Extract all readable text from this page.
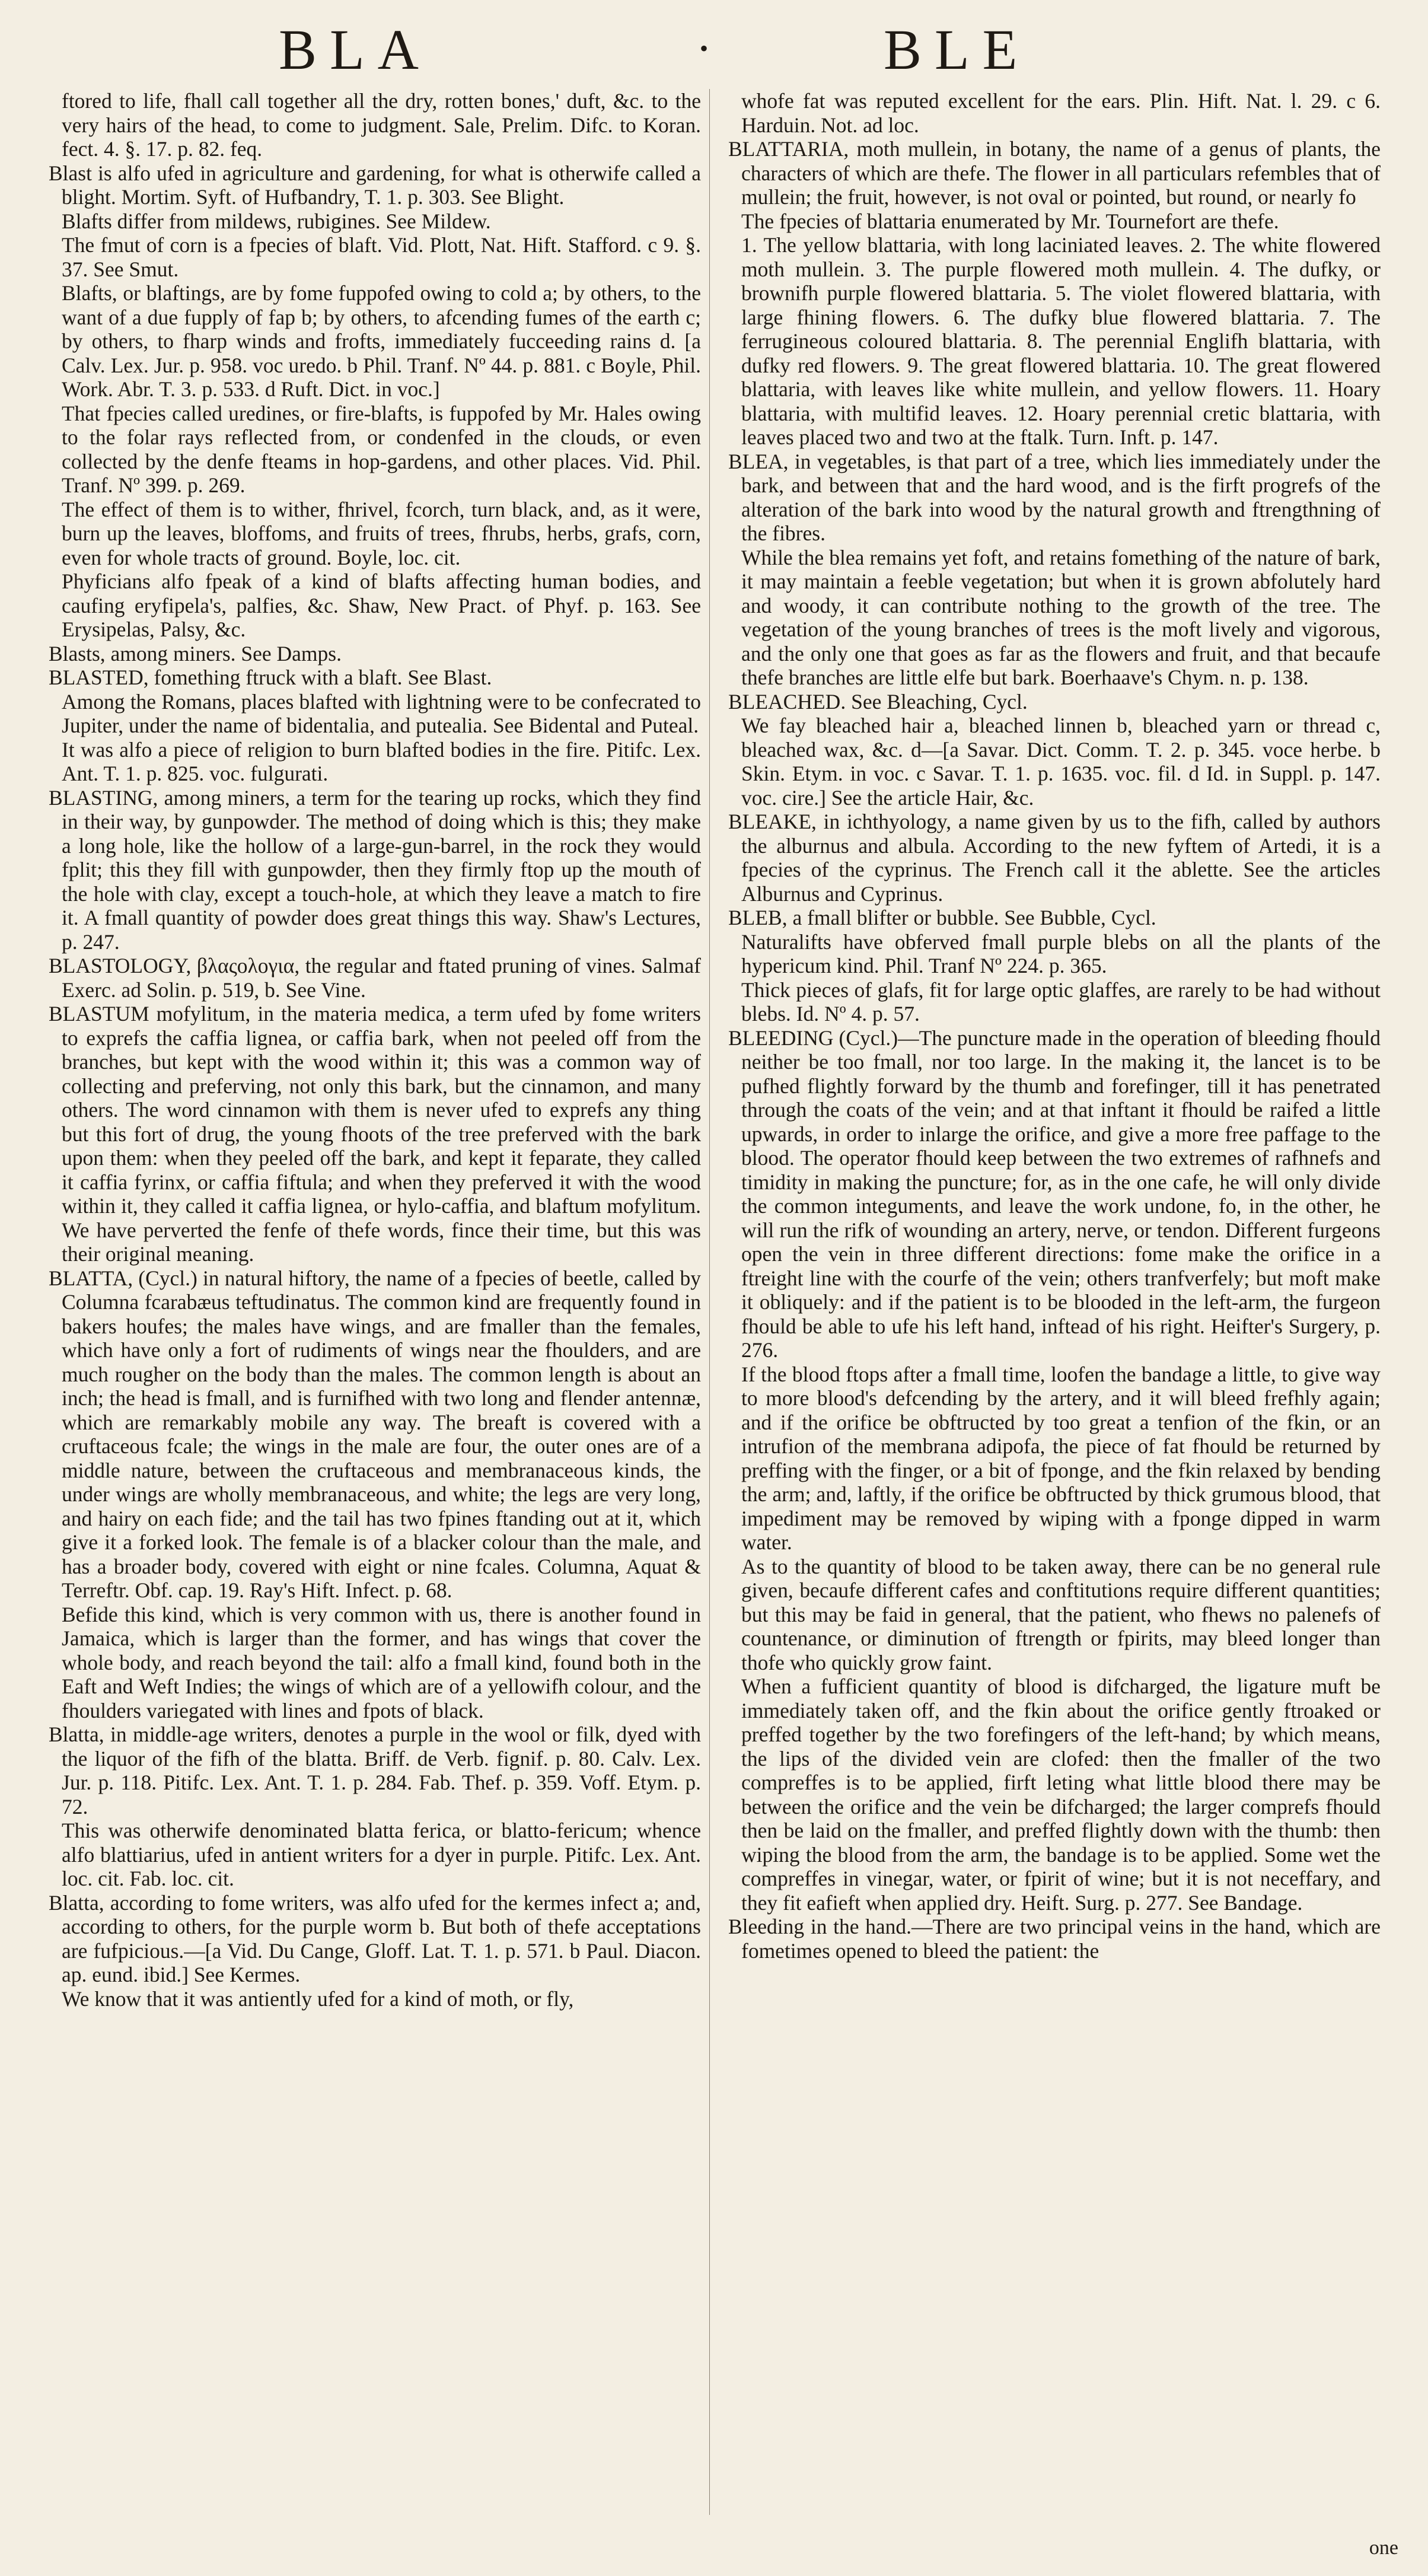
BLA	•	BLE

ftored to life, fhall call together all the dry, rotten bones,' duft, &c. to the very hairs of the head, to come to judgment. Sale, Prelim. Difc. to Koran. fect. 4. §. 17. p. 82. feq.

Blast is alfo ufed in agriculture and gardening, for what is otherwife called a blight. Mortim. Syft. of Hufbandry, T. 1. p. 303. See Blight.

Blafts differ from mildews, rubigines. See Mildew.

The fmut of corn is a fpecies of blaft. Vid. Plott, Nat. Hift. Stafford. c 9. §. 37. See Smut.

Blafts, or blaftings, are by fome fuppofed owing to cold a; by others, to the want of a due fupply of fap b; by others, to afcending fumes of the earth c; by others, to fharp winds and frofts, immediately fucceeding rains d. [a Calv. Lex. Jur. p. 958. voc uredo. b Phil. Tranf. Nº 44. p. 881. c Boyle, Phil. Work. Abr. T. 3. p. 533. d Ruft. Dict. in voc.]

That fpecies called uredines, or fire-blafts, is fuppofed by Mr. Hales owing to the folar rays reflected from, or condenfed in the clouds, or even collected by the denfe fteams in hop-gardens, and other places. Vid. Phil. Tranf. Nº 399. p. 269.

The effect of them is to wither, fhrivel, fcorch, turn black, and, as it were, burn up the leaves, bloffoms, and fruits of trees, fhrubs, herbs, grafs, corn, even for whole tracts of ground. Boyle, loc. cit.

Phyficians alfo fpeak of a kind of blafts affecting human bodies, and caufing eryfipela's, palfies, &c. Shaw, New Pract. of Phyf. p. 163. See Erysipelas, Palsy, &c.

Blasts, among miners. See Damps.

BLASTED, fomething ftruck with a blaft. See Blast.

Among the Romans, places blafted with lightning were to be confecrated to Jupiter, under the name of bidentalia, and putealia. See Bidental and Puteal.

It was alfo a piece of religion to burn blafted bodies in the fire. Pitifc. Lex. Ant. T. 1. p. 825. voc. fulgurati.

BLASTING, among miners, a term for the tearing up rocks, which they find in their way, by gunpowder. The method of doing which is this; they make a long hole, like the hollow of a large-gun-barrel, in the rock they would fplit; this they fill with gunpowder, then they firmly ftop up the mouth of the hole with clay, except a touch-hole, at which they leave a match to fire it. A fmall quantity of powder does great things this way. Shaw's Lectures, p. 247.

BLASTOLOGY, βλαςολογια, the regular and ftated pruning of vines. Salmaf Exerc. ad Solin. p. 519, b. See Vine.

BLASTUM mofylitum, in the materia medica, a term ufed by fome writers to exprefs the caffia lignea, or caffia bark, when not peeled off from the branches, but kept with the wood within it; this was a common way of collecting and preferving, not only this bark, but the cinnamon, and many others. The word cinnamon with them is never ufed to exprefs any thing but this fort of drug, the young fhoots of the tree preferved with the bark upon them: when they peeled off the bark, and kept it feparate, they called it caffia fyrinx, or caffia fiftula; and when they preferved it with the wood within it, they called it caffia lignea, or hylo-caffia, and blaftum mofylitum. We have perverted the fenfe of thefe words, fince their time, but this was their original meaning.

BLATTA, (Cycl.) in natural hiftory, the name of a fpecies of beetle, called by Columna fcarabæus teftudinatus. The common kind are frequently found in bakers houfes; the males have wings, and are fmaller than the females, which have only a fort of rudiments of wings near the fhoulders, and are much rougher on the body than the males. The common length is about an inch; the head is fmall, and is furnifhed with two long and flender antennæ, which are remarkably mobile any way. The breaft is covered with a cruftaceous fcale; the wings in the male are four, the outer ones are of a middle nature, between the cruftaceous and membranaceous kinds, the under wings are wholly membranaceous, and white; the legs are very long, and hairy on each fide; and the tail has two fpines ftanding out at it, which give it a forked look. The female is of a blacker colour than the male, and has a broader body, covered with eight or nine fcales. Columna, Aquat & Terreftr. Obf. cap. 19. Ray's Hift. Infect. p. 68.

Befide this kind, which is very common with us, there is another found in Jamaica, which is larger than the former, and has wings that cover the whole body, and reach beyond the tail: alfo a fmall kind, found both in the Eaft and Weft Indies; the wings of which are of a yellowifh colour, and the fhoulders variegated with lines and fpots of black.

Blatta, in middle-age writers, denotes a purple in the wool or filk, dyed with the liquor of the fifh of the blatta. Briff. de Verb. fignif. p. 80. Calv. Lex. Jur. p. 118. Pitifc. Lex. Ant. T. 1. p. 284. Fab. Thef. p. 359. Voff. Etym. p. 72.

This was otherwife denominated blatta ferica, or blatto-fericum; whence alfo blattiarius, ufed in antient writers for a dyer in purple. Pitifc. Lex. Ant. loc. cit. Fab. loc. cit.

Blatta, according to fome writers, was alfo ufed for the kermes infect a; and, according to others, for the purple worm b. But both of thefe acceptations are fufpicious.—[a Vid. Du Cange, Gloff. Lat. T. 1. p. 571. b Paul. Diacon. ap. eund. ibid.] See Kermes.

We know that it was antiently ufed for a kind of moth, or fly,

whofe fat was reputed excellent for the ears. Plin. Hift. Nat. l. 29. c 6. Harduin. Not. ad loc.

BLATTARIA, moth mullein, in botany, the name of a genus of plants, the characters of which are thefe. The flower in all particulars refembles that of mullein; the fruit, however, is not oval or pointed, but round, or nearly fo

The fpecies of blattaria enumerated by Mr. Tournefort are thefe.

1. The yellow blattaria, with long laciniated leaves. 2. The white flowered moth mullein. 3. The purple flowered moth mullein. 4. The dufky, or brownifh purple flowered blattaria. 5. The violet flowered blattaria, with large fhining flowers. 6. The dufky blue flowered blattaria. 7. The ferrugineous coloured blattaria. 8. The perennial Englifh blattaria, with dufky red flowers. 9. The great flowered blattaria. 10. The great flowered blattaria, with leaves like white mullein, and yellow flowers. 11. Hoary blattaria, with multifid leaves. 12. Hoary perennial cretic blattaria, with leaves placed two and two at the ftalk. Turn. Inft. p. 147.

BLEA, in vegetables, is that part of a tree, which lies immediately under the bark, and between that and the hard wood, and is the firft progrefs of the alteration of the bark into wood by the natural growth and ftrengthning of the fibres.

While the blea remains yet foft, and retains fomething of the nature of bark, it may maintain a feeble vegetation; but when it is grown abfolutely hard and woody, it can contribute nothing to the growth of the tree. The vegetation of the young branches of trees is the moft lively and vigorous, and the only one that goes as far as the flowers and fruit, and that becaufe thefe branches are little elfe but bark. Boerhaave's Chym. n. p. 138.

BLEACHED. See Bleaching, Cycl.

We fay bleached hair a, bleached linnen b, bleached yarn or thread c, bleached wax, &c. d—[a Savar. Dict. Comm. T. 2. p. 345. voce herbe. b Skin. Etym. in voc. c Savar. T. 1. p. 1635. voc. fil. d Id. in Suppl. p. 147. voc. cire.] See the article Hair, &c.

BLEAKE, in ichthyology, a name given by us to the fifh, called by authors the alburnus and albula. According to the new fyftem of Artedi, it is a fpecies of the cyprinus. The French call it the ablette. See the articles Alburnus and Cyprinus.

BLEB, a fmall blifter or bubble. See Bubble, Cycl.

Naturalifts have obferved fmall purple blebs on all the plants of the hypericum kind. Phil. Tranf Nº 224. p. 365.

Thick pieces of glafs, fit for large optic glaffes, are rarely to be had without blebs. Id. Nº 4. p. 57.

BLEEDING (Cycl.)—The puncture made in the operation of bleeding fhould neither be too fmall, nor too large. In the making it, the lancet is to be pufhed flightly forward by the thumb and forefinger, till it has penetrated through the coats of the vein; and at that inftant it fhould be raifed a little upwards, in order to inlarge the orifice, and give a more free paffage to the blood. The operator fhould keep between the two extremes of rafhnefs and timidity in making the puncture; for, as in the one cafe, he will only divide the common integuments, and leave the work undone, fo, in the other, he will run the rifk of wounding an artery, nerve, or tendon. Different furgeons open the vein in three different directions: fome make the orifice in a ftreight line with the courfe of the vein; others tranfverfely; but moft make it obliquely: and if the patient is to be blooded in the left-arm, the furgeon fhould be able to ufe his left hand, inftead of his right. Heifter's Surgery, p. 276.

If the blood ftops after a fmall time, loofen the bandage a little, to give way to more blood's defcending by the artery, and it will bleed frefhly again; and if the orifice be obftructed by too great a tenfion of the fkin, or an intrufion of the membrana adipofa, the piece of fat fhould be returned by preffing with the finger, or a bit of fponge, and the fkin relaxed by bending the arm; and, laftly, if the orifice be obftructed by thick grumous blood, that impediment may be removed by wiping with a fponge dipped in warm water.

As to the quantity of blood to be taken away, there can be no general rule given, becaufe different cafes and conftitutions require different quantities; but this may be faid in general, that the patient, who fhews no palenefs of countenance, or diminution of ftrength or fpirits, may bleed longer than thofe who quickly grow faint.

When a fufficient quantity of blood is difcharged, the ligature muft be immediately taken off, and the fkin about the orifice gently ftroaked or preffed together by the two forefingers of the left-hand; by which means, the lips of the divided vein are clofed: then the fmaller of the two compreffes is to be applied, firft leting what little blood there may be between the orifice and the vein be difcharged; the larger comprefs fhould then be laid on the fmaller, and preffed flightly down with the thumb: then wiping the blood from the arm, the bandage is to be applied. Some wet the compreffes in vinegar, water, or fpirit of wine; but it is not neceffary, and they fit eafieft when applied dry. Heift. Surg. p. 277. See Bandage.

Bleeding in the hand.—There are two principal veins in the hand, which are fometimes opened to bleed the patient: the

one
